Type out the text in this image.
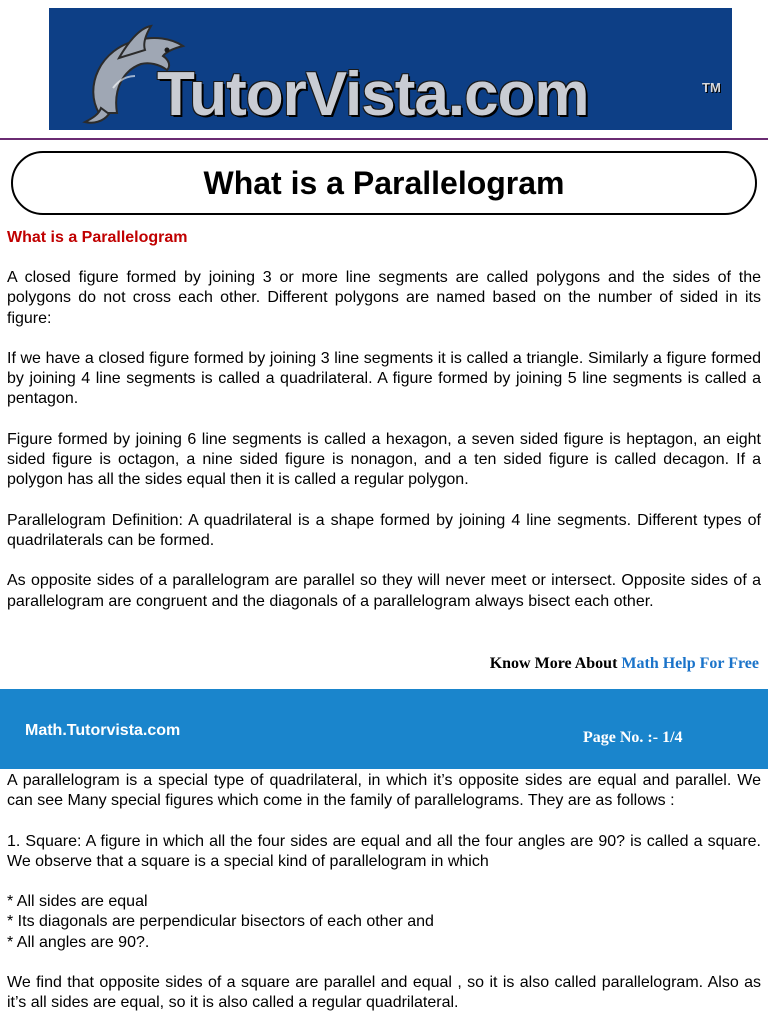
TutorVista.com	TM
What is a Parallelogram
What is a Parallelogram

A closed figure formed by joining 3 or more line segments are called polygons and the sides of the polygons do not cross each other. Different polygons are named based on the number of sided in its figure:

If we have a closed figure formed by joining 3 line segments it is called a triangle. Similarly a figure formed by joining 4 line segments is called a quadrilateral. A figure formed by joining 5 line segments is called a pentagon.

Figure formed by joining 6 line segments is called a hexagon, a seven sided figure is heptagon, an eight sided figure is octagon, a nine sided figure is nonagon, and a ten sided figure is called decagon. If a polygon has all the sides equal then it is called a regular polygon.

Parallelogram Definition: A quadrilateral is a shape formed by joining 4 line segments. Different types of quadrilaterals can be formed.

As opposite sides of a parallelogram are parallel so they will never meet or intersect. Opposite sides of a parallelogram are congruent and the diagonals of a parallelogram always bisect each other.

Know More About Math Help For Free
Math.Tutorvista.com	Page No. :- 1/4

A parallelogram is a special type of quadrilateral, in which it’s opposite sides are equal and parallel. We can see Many special figures which come in the family of parallelograms. They are as follows :

1. Square: A figure in which all the four sides are equal and all the four angles are 90? is called a square. We observe that a square is a special kind of parallelogram in which

* All sides are equal
* Its diagonals are perpendicular bisectors of each other and
* All angles are 90?.

We find that opposite sides of a square are parallel and equal , so it is also called parallelogram. Also as it’s all sides are equal, so it is also called a regular quadrilateral.
